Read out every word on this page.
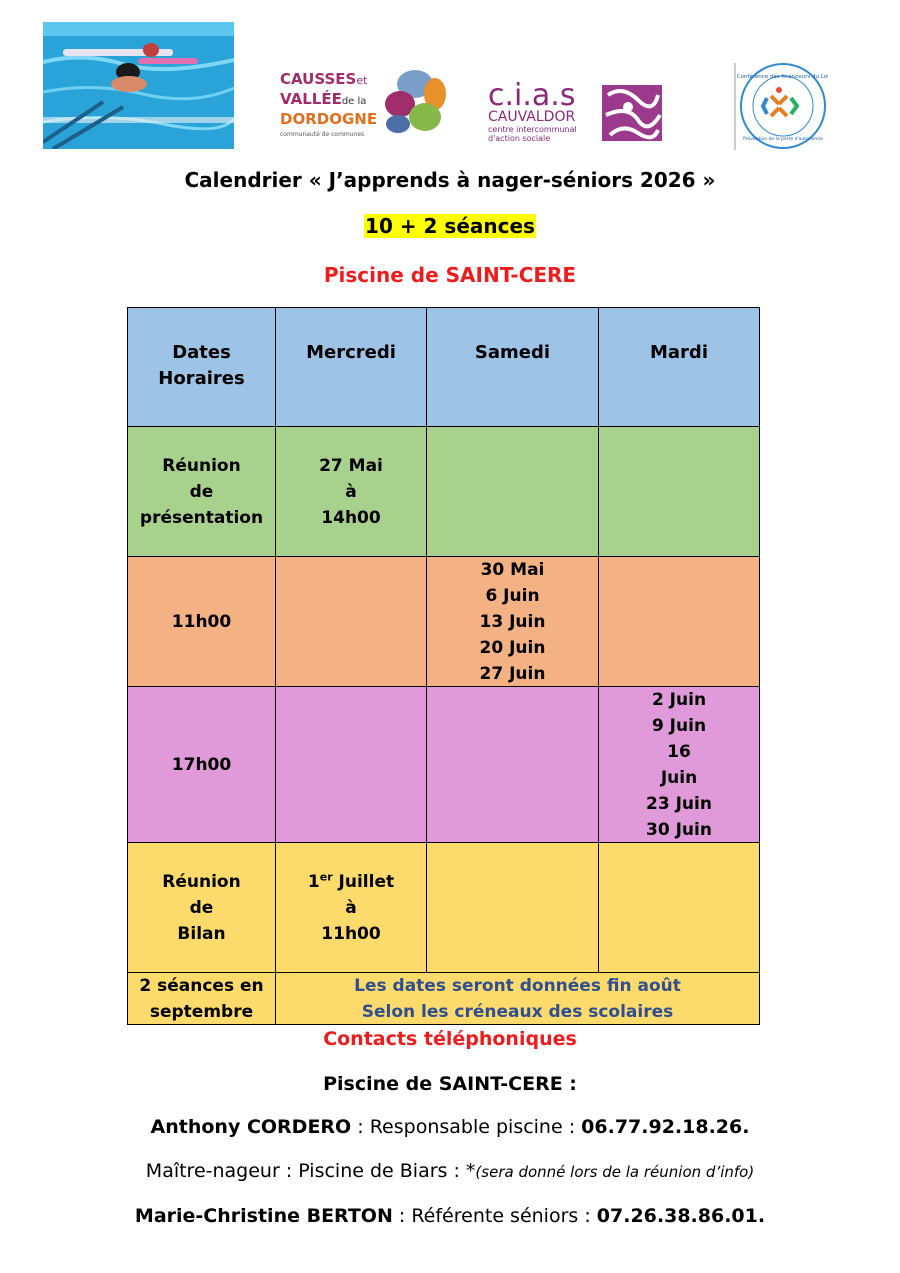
CAUSSESet
VALLÉEde la
DORDOGNE
communauté de communes
c.i.a.s
CAUVALDOR
centre intercommunal
d'action sociale
Conférence des financeurs du Lot
Prévention de la perte d'autonomie
Calendrier « J’apprends à nager-séniors 2026 »
10 + 2 séances
Piscine de SAINT-CERE
Dates
Horaires
Mercredi	Samedi	Mardi
Réunion
de
présentation
27 Mai
à
14h00
11h00
30 Mai
6 Juin
13 Juin
20 Juin
27 Juin
17h00
2 Juin
9 Juin
16
Juin
23 Juin
30 Juin
Réunion
de
Bilan
1er Juillet
à
11h00
2 séances en
septembre
Les dates seront données fin août
Selon les créneaux des scolaires
Contacts téléphoniques
Piscine de SAINT-CERE :
Anthony CORDERO : Responsable piscine : 06.77.92.18.26.
Maître-nageur : Piscine de Biars : *(sera donné lors de la réunion d’info)
Marie-Christine BERTON : Référente séniors : 07.26.38.86.01.
